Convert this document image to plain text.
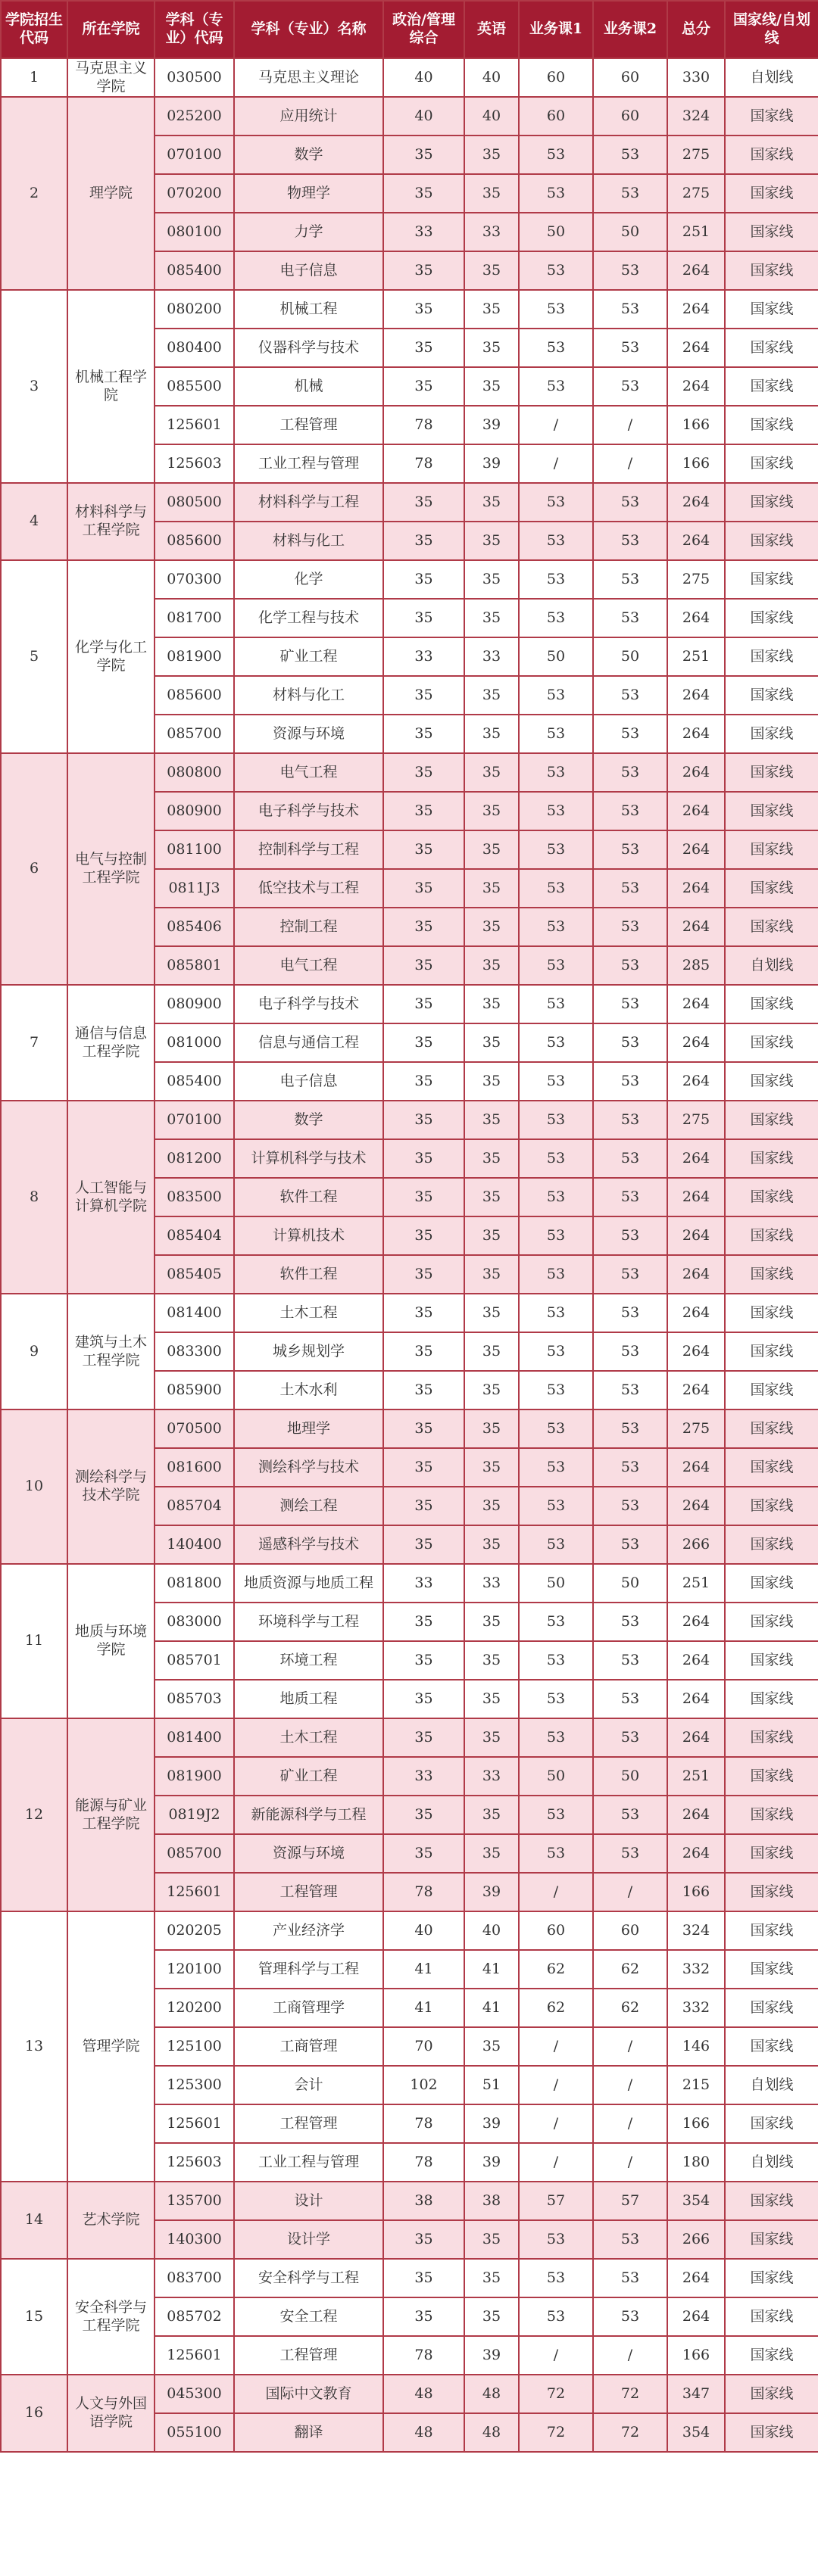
学院招生代码	所在学院	学科（专业）代码	学科（专业）名称	政治/管理综合	英语	业务课1	业务课2	总分	国家线/自划线
1	马克思主义学院	030500	马克思主义理论	40	40	60	60	330	自划线
2	理学院	025200	应用统计	40	40	60	60	324	国家线
		070100	数学	35	35	53	53	275	国家线
		070200	物理学	35	35	53	53	275	国家线
		080100	力学	33	33	50	50	251	国家线
		085400	电子信息	35	35	53	53	264	国家线
3	机械工程学院	080200	机械工程	35	35	53	53	264	国家线
		080400	仪器科学与技术	35	35	53	53	264	国家线
		085500	机械	35	35	53	53	264	国家线
		125601	工程管理	78	39	/	/	166	国家线
		125603	工业工程与管理	78	39	/	/	166	国家线
4	材料科学与工程学院	080500	材料科学与工程	35	35	53	53	264	国家线
		085600	材料与化工	35	35	53	53	264	国家线
5	化学与化工学院	070300	化学	35	35	53	53	275	国家线
		081700	化学工程与技术	35	35	53	53	264	国家线
		081900	矿业工程	33	33	50	50	251	国家线
		085600	材料与化工	35	35	53	53	264	国家线
		085700	资源与环境	35	35	53	53	264	国家线
6	电气与控制工程学院	080800	电气工程	35	35	53	53	264	国家线
		080900	电子科学与技术	35	35	53	53	264	国家线
		081100	控制科学与工程	35	35	53	53	264	国家线
		0811J3	低空技术与工程	35	35	53	53	264	国家线
		085406	控制工程	35	35	53	53	264	国家线
		085801	电气工程	35	35	53	53	285	自划线
7	通信与信息工程学院	080900	电子科学与技术	35	35	53	53	264	国家线
		081000	信息与通信工程	35	35	53	53	264	国家线
		085400	电子信息	35	35	53	53	264	国家线
8	人工智能与计算机学院	070100	数学	35	35	53	53	275	国家线
		081200	计算机科学与技术	35	35	53	53	264	国家线
		083500	软件工程	35	35	53	53	264	国家线
		085404	计算机技术	35	35	53	53	264	国家线
		085405	软件工程	35	35	53	53	264	国家线
9	建筑与土木工程学院	081400	土木工程	35	35	53	53	264	国家线
		083300	城乡规划学	35	35	53	53	264	国家线
		085900	土木水利	35	35	53	53	264	国家线
10	测绘科学与技术学院	070500	地理学	35	35	53	53	275	国家线
		081600	测绘科学与技术	35	35	53	53	264	国家线
		085704	测绘工程	35	35	53	53	264	国家线
		140400	遥感科学与技术	35	35	53	53	266	国家线
11	地质与环境学院	081800	地质资源与地质工程	33	33	50	50	251	国家线
		083000	环境科学与工程	35	35	53	53	264	国家线
		085701	环境工程	35	35	53	53	264	国家线
		085703	地质工程	35	35	53	53	264	国家线
12	能源与矿业工程学院	081400	土木工程	35	35	53	53	264	国家线
		081900	矿业工程	33	33	50	50	251	国家线
		0819J2	新能源科学与工程	35	35	53	53	264	国家线
		085700	资源与环境	35	35	53	53	264	国家线
		125601	工程管理	78	39	/	/	166	国家线
13	管理学院	020205	产业经济学	40	40	60	60	324	国家线
		120100	管理科学与工程	41	41	62	62	332	国家线
		120200	工商管理学	41	41	62	62	332	国家线
		125100	工商管理	70	35	/	/	146	国家线
		125300	会计	102	51	/	/	215	自划线
		125601	工程管理	78	39	/	/	166	国家线
		125603	工业工程与管理	78	39	/	/	180	自划线
14	艺术学院	135700	设计	38	38	57	57	354	国家线
		140300	设计学	35	35	53	53	266	国家线
15	安全科学与工程学院	083700	安全科学与工程	35	35	53	53	264	国家线
		085702	安全工程	35	35	53	53	264	国家线
		125601	工程管理	78	39	/	/	166	国家线
16	人文与外国语学院	045300	国际中文教育	48	48	72	72	347	国家线
		055100	翻译	48	48	72	72	354	国家线
